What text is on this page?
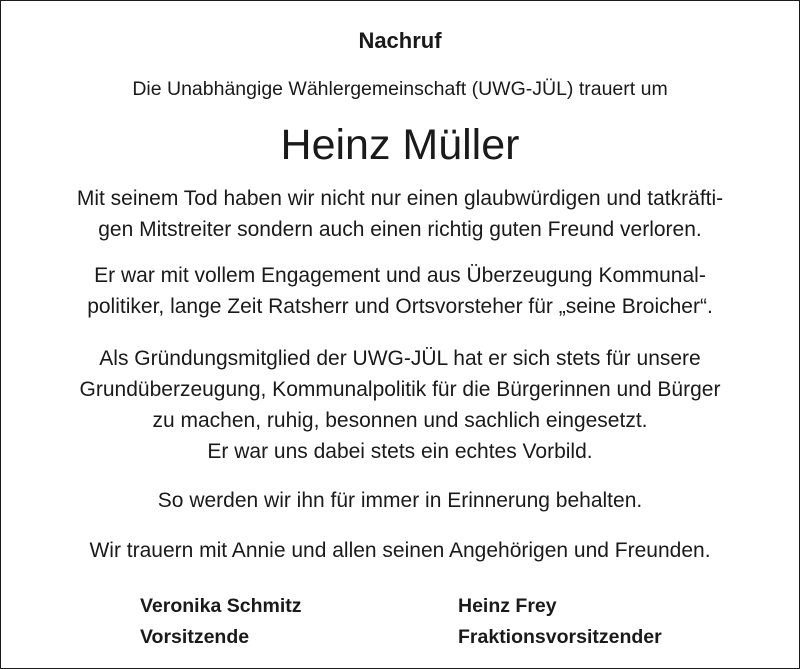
Nachruf
Die Unabhängige Wählergemeinschaft (UWG-JÜL) trauert um
Heinz Müller
Mit seinem Tod haben wir nicht nur einen glaubwürdigen und tatkräfti-
gen Mitstreiter sondern auch einen richtig guten Freund verloren.
Er war mit vollem Engagement und aus Überzeugung Kommunal-
politiker, lange Zeit Ratsherr und Ortsvorsteher für „seine Broicher“.
Als Gründungsmitglied der UWG-JÜL hat er sich stets für unsere
Grundüberzeugung, Kommunalpolitik für die Bürgerinnen und Bürger
zu machen, ruhig, besonnen und sachlich eingesetzt.
Er war uns dabei stets ein echtes Vorbild.
So werden wir ihn für immer in Erinnerung behalten.
Wir trauern mit Annie und allen seinen Angehörigen und Freunden.
Veronika Schmitz
Vorsitzende
Heinz Frey
Fraktionsvorsitzender
